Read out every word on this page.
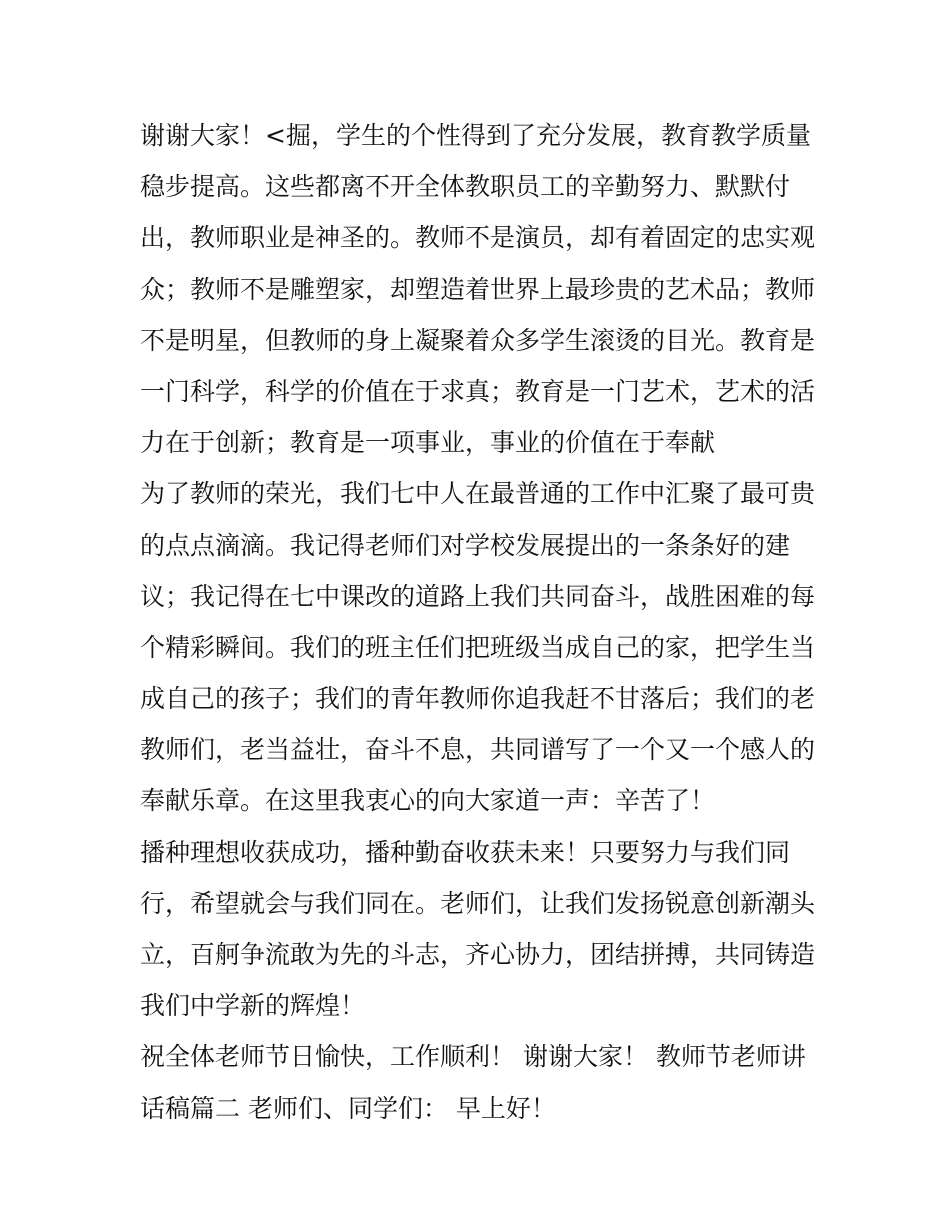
谢谢大家！<掘，学生的个性得到了充分发展，教育教学质量
稳步提高。这些都离不开全体教职员工的辛勤努力、默默付
出，教师职业是神圣的。教师不是演员，却有着固定的忠实观
众；教师不是雕塑家，却塑造着世界上最珍贵的艺术品；教师
不是明星，但教师的身上凝聚着众多学生滚烫的目光。教育是
一门科学，科学的价值在于求真；教育是一门艺术，艺术的活
力在于创新；教育是一项事业，事业的价值在于奉献
为了教师的荣光，我们七中人在最普通的工作中汇聚了最可贵
的点点滴滴。我记得老师们对学校发展提出的一条条好的建
议；我记得在七中课改的道路上我们共同奋斗，战胜困难的每
个精彩瞬间。我们的班主任们把班级当成自己的家，把学生当
成自己的孩子；我们的青年教师你追我赶不甘落后；我们的老
教师们，老当益壮，奋斗不息，共同谱写了一个又一个感人的
奉献乐章。在这里我衷心的向大家道一声：辛苦了！
播种理想收获成功，播种勤奋收获未来！只要努力与我们同
行，希望就会与我们同在。老师们，让我们发扬锐意创新潮头
立，百舸争流敢为先的斗志，齐心协力，团结拼搏，共同铸造
我们中学新的辉煌！
祝全体老师节日愉快，工作顺利！ 谢谢大家！ 教师节老师讲
话稿篇二 老师们、同学们： 早上好！
